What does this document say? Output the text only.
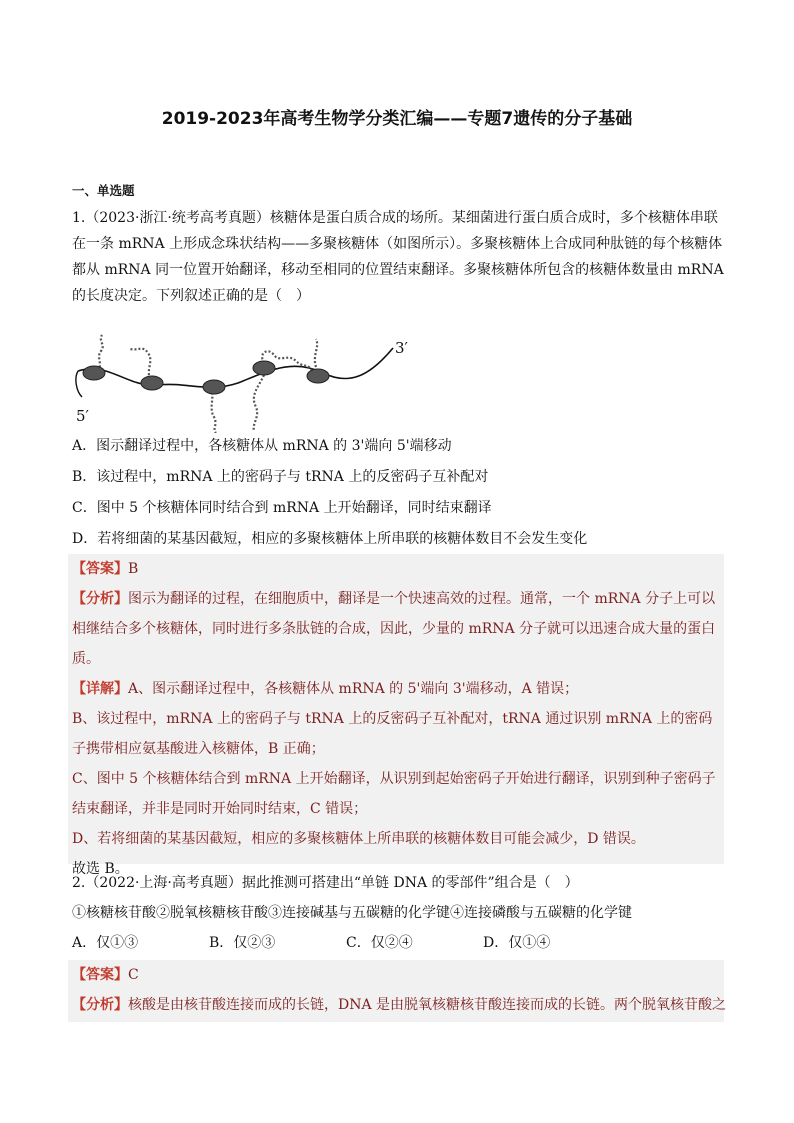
2019-2023年高考生物学分类汇编——专题7遗传的分子基础
一、单选题

1.（2023·浙江·统考高考真题）核糖体是蛋白质合成的场所。某细菌进行蛋白质合成时，多个核糖体串联在一条 mRNA 上形成念珠状结构——多聚核糖体（如图所示）。多聚核糖体上合成同种肽链的每个核糖体都从 mRNA 同一位置开始翻译，移动至相同的位置结束翻译。多聚核糖体所包含的核糖体数量由 mRNA 的长度决定。下列叙述正确的是（　）

3′
5′
A．图示翻译过程中，各核糖体从 mRNA 的 3'端向 5'端移动
B．该过程中，mRNA 上的密码子与 tRNA 上的反密码子互补配对
C．图中 5 个核糖体同时结合到 mRNA 上开始翻译，同时结束翻译
D．若将细菌的某基因截短，相应的多聚核糖体上所串联的核糖体数目不会发生变化
【答案】B
【分析】图示为翻译的过程，在细胞质中，翻译是一个快速高效的过程。通常，一个 mRNA 分子上可以相继结合多个核糖体，同时进行多条肽链的合成，因此，少量的 mRNA 分子就可以迅速合成大量的蛋白质。
【详解】A、图示翻译过程中，各核糖体从 mRNA 的 5'端向 3'端移动，A 错误；
B、该过程中，mRNA 上的密码子与 tRNA 上的反密码子互补配对，tRNA 通过识别 mRNA 上的密码子携带相应氨基酸进入核糖体，B 正确；
C、图中 5 个核糖体结合到 mRNA 上开始翻译，从识别到起始密码子开始进行翻译，识别到种子密码子结束翻译，并非是同时开始同时结束，C 错误；
D、若将细菌的某基因截短，相应的多聚核糖体上所串联的核糖体数目可能会减少，D 错误。
故选 B。
2.（2022·上海·高考真题）据此推测可搭建出“单链 DNA 的零部件”组合是（　）
①核糖核苷酸②脱氧核糖核苷酸③连接碱基与五碳糖的化学键④连接磷酸与五碳糖的化学键
A．仅①③	B．仅②③	C．仅②④	D．仅①④
【答案】C
【分析】核酸是由核苷酸连接而成的长链，DNA 是由脱氧核糖核苷酸连接而成的长链。两个脱氧核苷酸之
